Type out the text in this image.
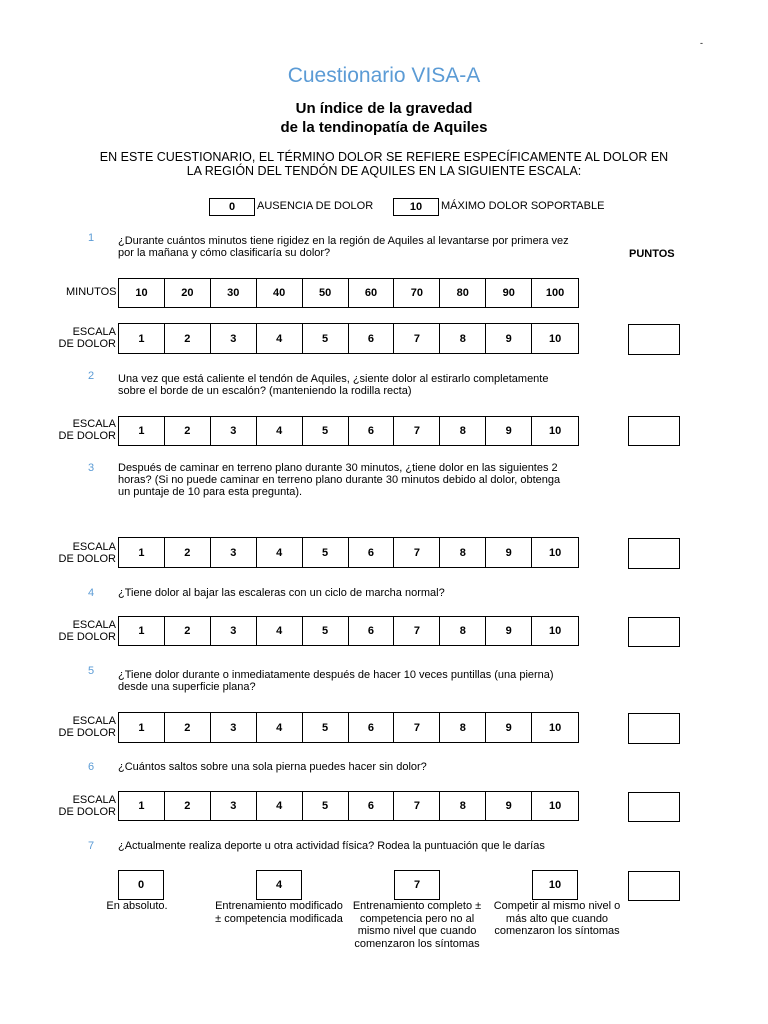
-
Cuestionario VISA-A
Un índice de la gravedad
de la tendinopatía de Aquiles
EN ESTE CUESTIONARIO, EL TÉRMINO DOLOR SE REFIERE ESPECÍFICAMENTE AL DOLOR EN
LA REGIÓN DEL TENDÓN DE AQUILES EN LA SIGUIENTE ESCALA:
0	AUSENCIA DE DOLOR	10	MÁXIMO DOLOR SOPORTABLE
PUNTOS
1 ¿Durante cuántos minutos tiene rigidez en la región de Aquiles al levantarse por primera vez
por la mañana y cómo clasificaría su dolor?
MINUTOS	10	20	30	40	50	60	70	80	90	100
ESCALA
DE DOLOR	1	2	3	4	5	6	7	8	9	10
2 Una vez que está caliente el tendón de Aquiles, ¿siente dolor al estirarlo completamente
sobre el borde de un escalón? (manteniendo la rodilla recta)
ESCALA
DE DOLOR	1	2	3	4	5	6	7	8	9	10
3 Después de caminar en terreno plano durante 30 minutos, ¿tiene dolor en las siguientes 2
horas? (Si no puede caminar en terreno plano durante 30 minutos debido al dolor, obtenga
un puntaje de 10 para esta pregunta).
ESCALA
DE DOLOR
1	2	3	4	5	6	7	8	9	10
4 ¿Tiene dolor al bajar las escaleras con un ciclo de marcha normal?
ESCALA
DE DOLOR	1	2	3	4	5	6	7	8	9	10
5 ¿Tiene dolor durante o inmediatamente después de hacer 10 veces puntillas (una pierna)
desde una superficie plana?
ESCALA
DE DOLOR	1	2	3	4	5	6	7	8	9	10
6 ¿Cuántos saltos sobre una sola pierna puedes hacer sin dolor?
ESCALA
DE DOLOR	1	2	3	4	5	6	7	8	9	10
7 ¿Actualmente realiza deporte u otra actividad física? Rodea la puntuación que le darías
0
En absoluto.
4
Entrenamiento modificado
± competencia modificada
7
Entrenamiento completo ±
competencia pero no al
mismo nivel que cuando
comenzaron los síntomas
10
Competir al mismo nivel o
más alto que cuando
comenzaron los síntomas
